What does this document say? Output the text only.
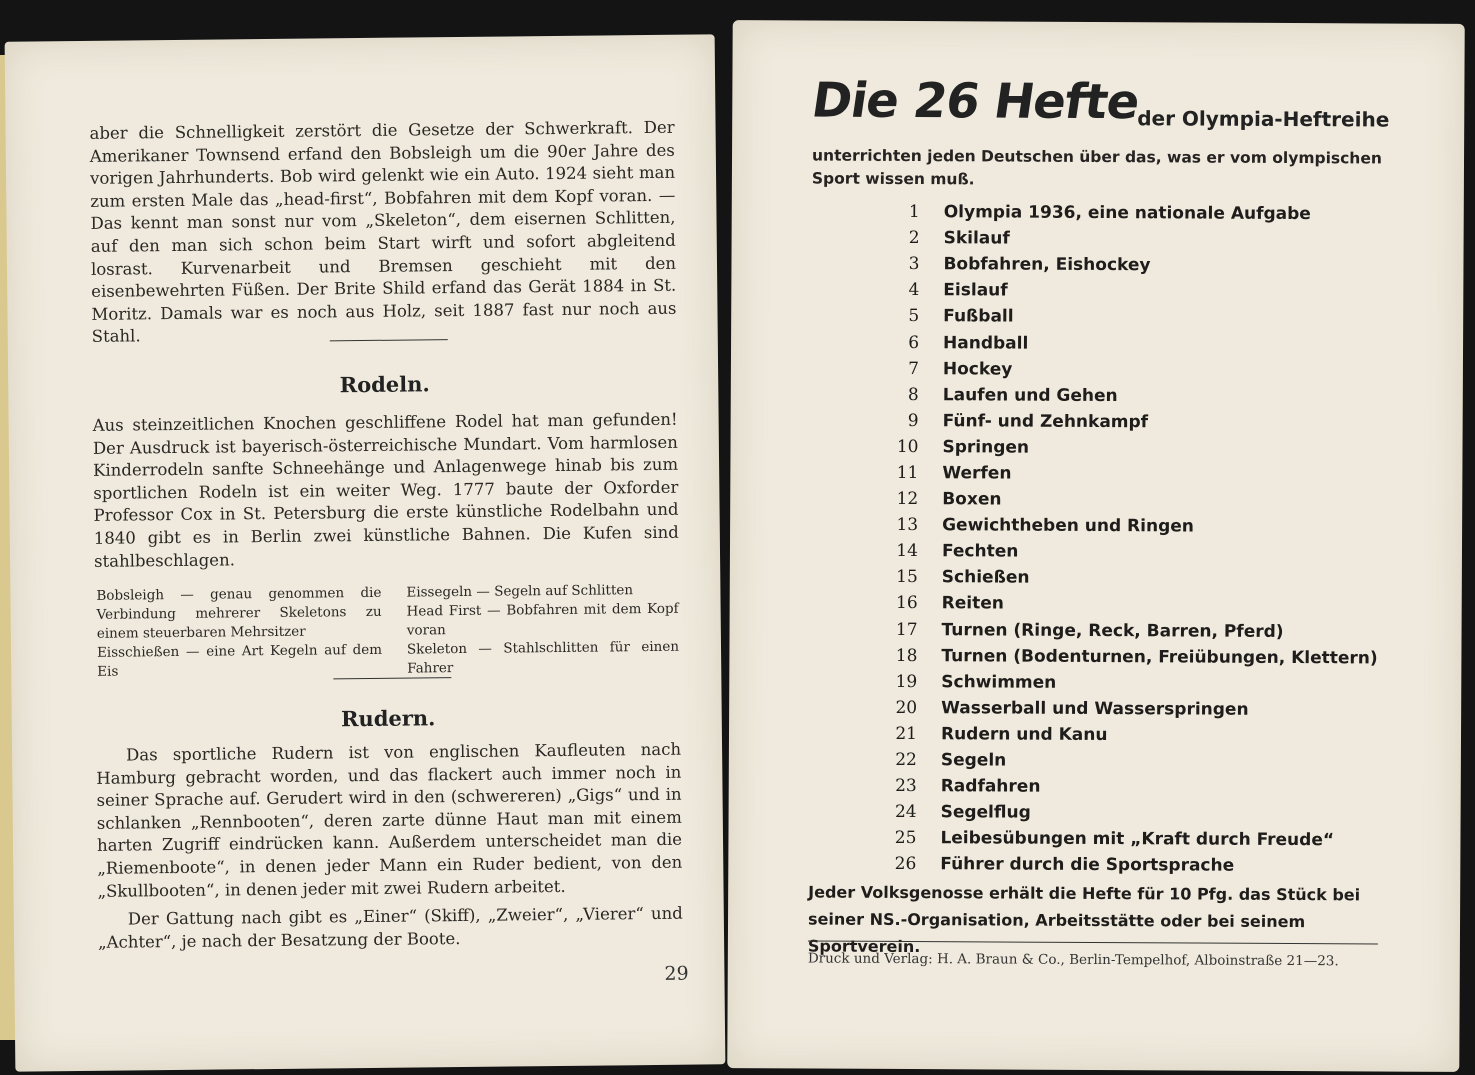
aber die Schnelligkeit zerstört die Gesetze der Schwerkraft. Der Amerikaner Townsend erfand den Bobsleigh um die 90er Jahre des vorigen Jahrhunderts. Bob wird gelenkt wie ein Auto. 1924 sieht man zum ersten Male das „head-first“, Bobfahren mit dem Kopf voran. — Das kennt man sonst nur vom „Skeleton“, dem eisernen Schlitten, auf den man sich schon beim Start wirft und sofort abgleitend losrast. Kurvenarbeit und Bremsen geschieht mit den eisenbewehrten Füßen. Der Brite Shild erfand das Gerät 1884 in St. Moritz. Damals war es noch aus Holz, seit 1887 fast nur noch aus Stahl.
Rodeln.
Aus steinzeitlichen Knochen geschliffene Rodel hat man gefunden! Der Ausdruck ist bayerisch-österreichische Mundart. Vom harmlosen Kinderrodeln sanfte Schneehänge und Anlagenwege hinab bis zum sportlichen Rodeln ist ein weiter Weg. 1777 baute der Oxforder Professor Cox in St. Petersburg die erste künstliche Rodelbahn und 1840 gibt es in Berlin zwei künstliche Bahnen. Die Kufen sind stahlbeschlagen.
Bobsleigh — genau genommen die Verbindung mehrerer Skeletons zu einem steuerbaren Mehrsitzer
Eisschießen — eine Art Kegeln auf dem Eis
Eissegeln — Segeln auf Schlitten
Head First — Bobfahren mit dem Kopf voran
Skeleton — Stahlschlitten für einen Fahrer
Rudern.
Das sportliche Rudern ist von englischen Kaufleuten nach Hamburg gebracht worden, und das flackert auch immer noch in seiner Sprache auf. Gerudert wird in den (schwereren) „Gigs“ und in schlanken „Rennbooten“, deren zarte dünne Haut man mit einem harten Zugriff eindrücken kann. Außerdem unterscheidet man die „Riemenboote“, in denen jeder Mann ein Ruder bedient, von den „Skullbooten“, in denen jeder mit zwei Rudern arbeitet.
Der Gattung nach gibt es „Einer“ (Skiff), „Zweier“, „Vierer“ und „Achter“, je nach der Besatzung der Boote.
29
Die 26 Hefte
der Olympia-Heftreihe
unterrichten jeden Deutschen über das, was er vom olympischen Sport wissen muß.
1 Olympia 1936, eine nationale Aufgabe
2 Skilauf
3 Bobfahren, Eishockey
4 Eislauf
5 Fußball
6 Handball
7 Hockey
8 Laufen und Gehen
9 Fünf- und Zehnkampf
10 Springen
11 Werfen
12 Boxen
13 Gewichtheben und Ringen
14 Fechten
15 Schießen
16 Reiten
17 Turnen (Ringe, Reck, Barren, Pferd)
18 Turnen (Bodenturnen, Freiübungen, Klettern)
19 Schwimmen
20 Wasserball und Wasserspringen
21 Rudern und Kanu
22 Segeln
23 Radfahren
24 Segelflug
25 Leibesübungen mit „Kraft durch Freude“
26 Führer durch die Sportsprache
Jeder Volksgenosse erhält die Hefte für 10 Pfg. das Stück bei seiner NS.-Organisation, Arbeitsstätte oder bei seinem Sportverein.
Druck und Verlag: H. A. Braun & Co., Berlin-Tempelhof, Alboinstraße 21—23.
